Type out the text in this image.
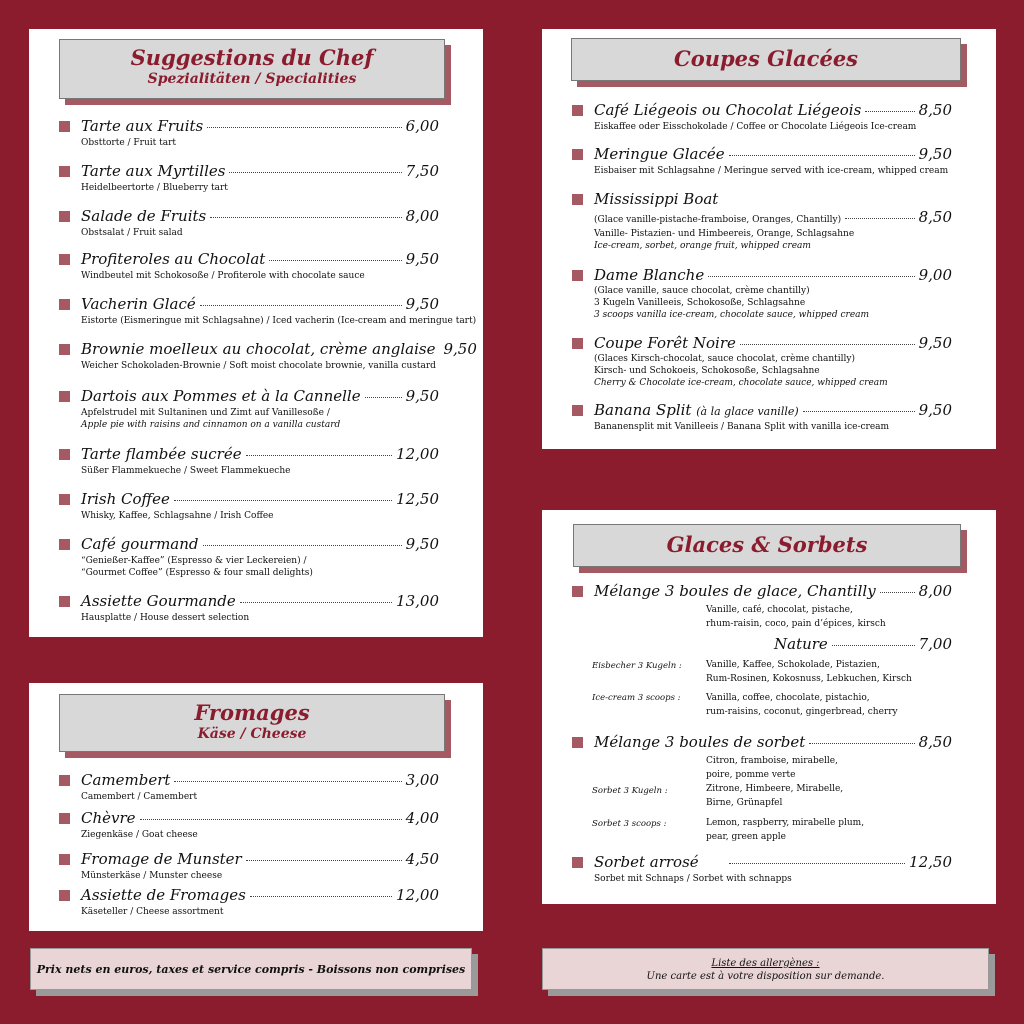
Suggestions du Chef
Spezialitäten / Specialities
Tarte aux Fruits	6,00
Obsttorte / Fruit tart
Tarte aux Myrtilles	7,50
Heidelbeertorte / Blueberry tart
Salade de Fruits	8,00
Obstsalat / Fruit salad
Profiteroles au Chocolat	9,50
Windbeutel mit Schokosoße / Profiterole with chocolate sauce
Vacherin Glacé	9,50
Eistorte (Eismeringue mit Schlagsahne) / Iced vacherin (Ice-cream and meringue tart)
Brownie moelleux au chocolat, crème anglaise 9,50
Weicher Schokoladen-Brownie / Soft moist chocolate brownie, vanilla custard
Dartois aux Pommes et à la Cannelle	9,50
Apfelstrudel mit Sultaninen und Zimt auf Vanillesoße /
Apple pie with raisins and cinnamon on a vanilla custard
Tarte flambée sucrée	12,00
Süßer Flammekueche / Sweet Flammekueche
Irish Coffee	12,50
Whisky, Kaffee, Schlagsahne / Irish Coffee
Café gourmand	9,50
“Genießer-Kaffee” (Espresso & vier Leckereien) /
“Gourmet Coffee” (Espresso & four small delights)
Assiette Gourmande	13,00
Hausplatte / House dessert selection
Fromages
Käse / Cheese
Camembert	3,00
Camembert / Camembert
Chèvre	4,00
Ziegenkäse / Goat cheese
Fromage de Munster	4,50
Münsterkäse / Munster cheese
Assiette de Fromages	12,00
Käseteller / Cheese assortment
Coupes Glacées
Café Liégeois ou Chocolat Liégeois	8,50
Eiskaffee oder Eisschokolade / Coffee or Chocolate Liégeois Ice-cream
Meringue Glacée	9,50
Eisbaiser mit Schlagsahne / Meringue served with ice-cream, whipped cream
Mississippi Boat
(Glace vanille-pistache-framboise, Oranges, Chantilly)	8,50
Vanille- Pistazien- und Himbeereis, Orange, Schlagsahne
Ice-cream, sorbet, orange fruit, whipped cream
Dame Blanche	9,00
(Glace vanille, sauce chocolat, crème chantilly)
3 Kugeln Vanilleeis, Schokosoße, Schlagsahne
3 scoops vanilla ice-cream, chocolate sauce, whipped cream
Coupe Forêt Noire	9,50
(Glaces Kirsch-chocolat, sauce chocolat, crème chantilly)
Kirsch- und Schokoeis, Schokosoße, Schlagsahne
Cherry & Chocolate ice-cream, chocolate sauce, whipped cream
Banana Split (à la glace vanille)	9,50
Bananensplit mit Vanilleeis / Banana Split with vanilla ice-cream
Glaces & Sorbets
Mélange 3 boules de glace, Chantilly	8,00
Vanille, café, chocolat, pistache,
rhum-raisin, coco, pain d’épices, kirsch
Nature	7,00
Eisbecher 3 Kugeln :	Vanille, Kaffee, Schokolade, Pistazien,
Rum-Rosinen, Kokosnuss, Lebkuchen, Kirsch
Ice-cream 3 scoops :	Vanilla, coffee, chocolate, pistachio,
rum-raisins, coconut, gingerbread, cherry
Mélange 3 boules de sorbet	8,50
Citron, framboise, mirabelle,
poire, pomme verte
Sorbet 3 Kugeln :	Zitrone, Himbeere, Mirabelle,
Birne, Grünapfel
Sorbet 3 scoops :	Lemon, raspberry, mirabelle plum,
pear, green apple
Sorbet arrosé	12,50
Sorbet mit Schnaps / Sorbet with schnapps
Prix nets en euros, taxes et service compris - Boissons non comprises	Liste des allergènes :
Une carte est à votre disposition sur demande.
